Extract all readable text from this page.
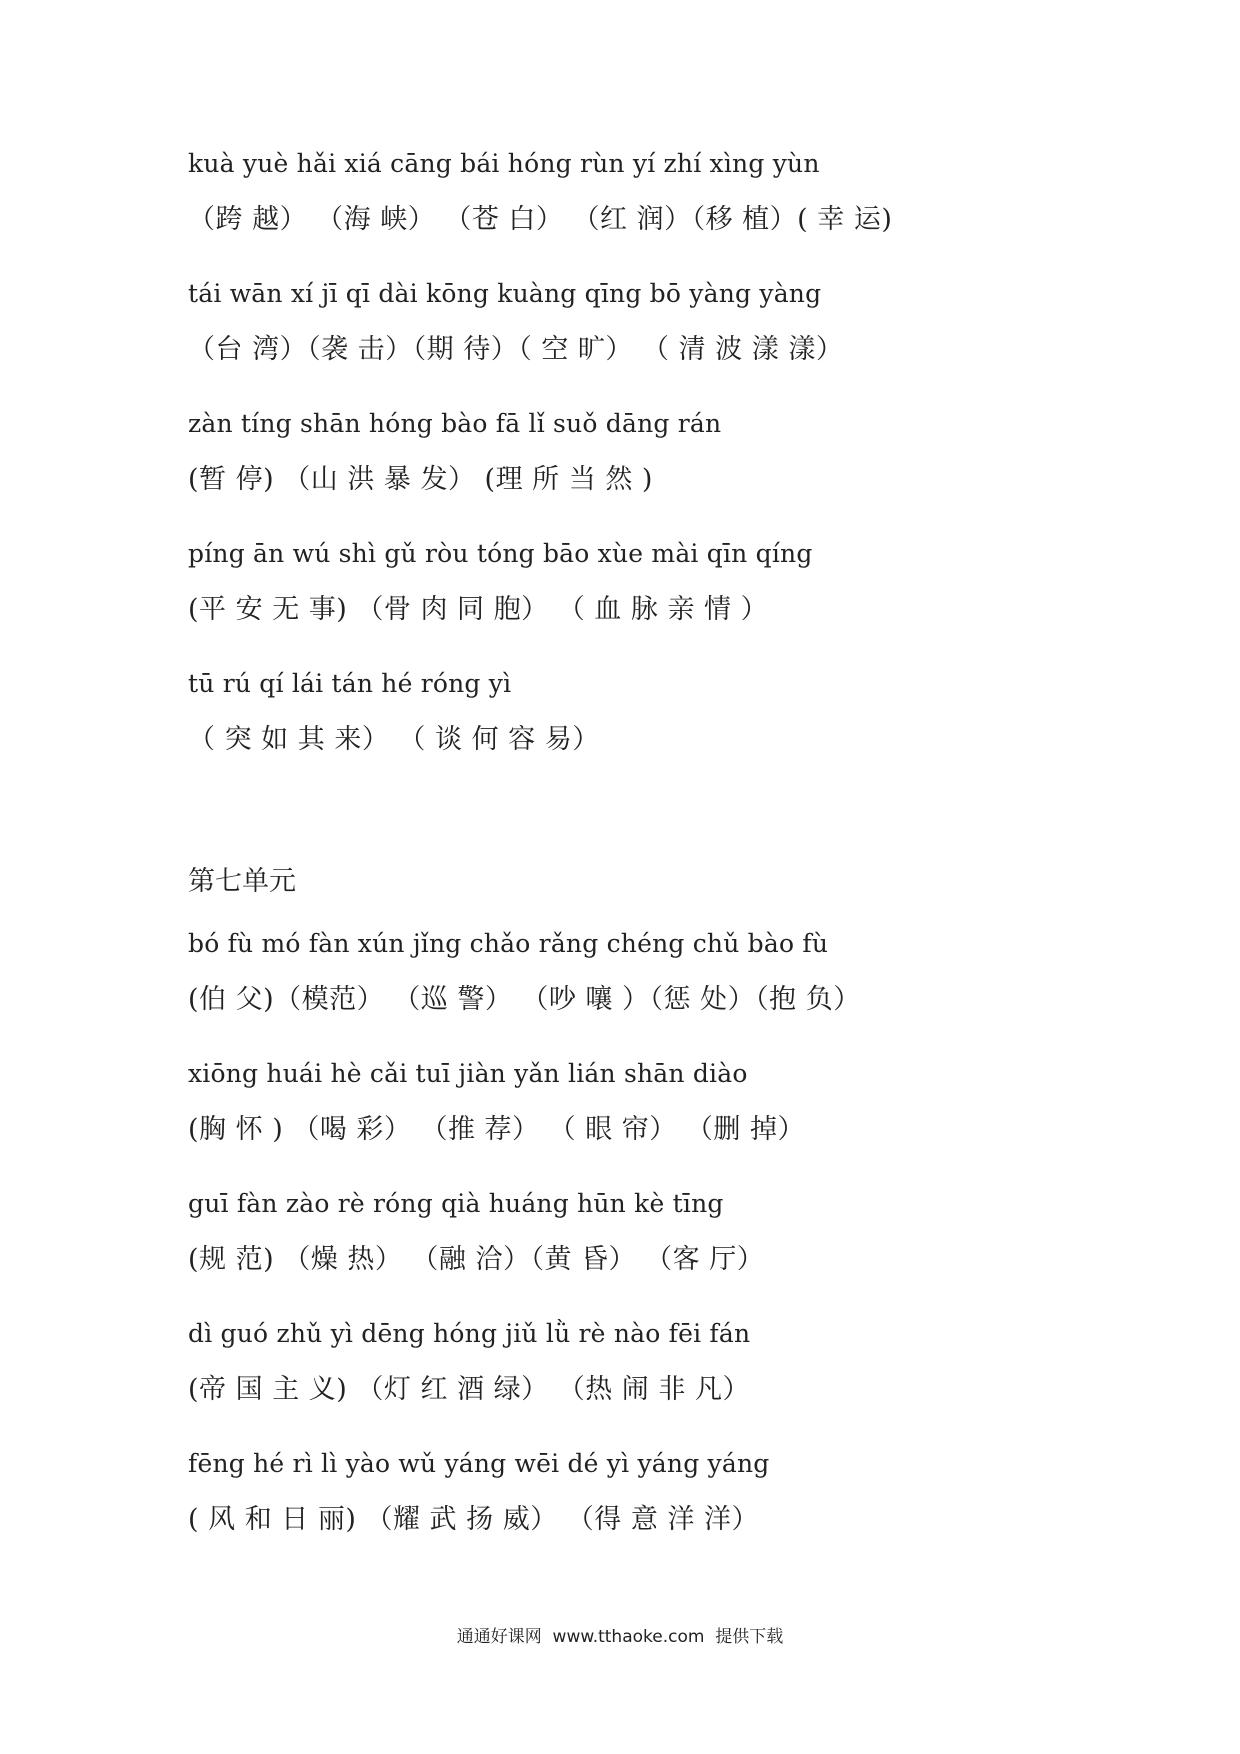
kuà yuè hǎi xiá cāng bái hóng rùn yí zhí xìng yùn
（跨 越） （海 峡） （苍 白） （红 润）（移 植）( 幸 运)
tái wān xí jī qī dài kōng kuàng qīng bō yàng yàng
（台 湾）（袭 击）（期 待）（ 空 旷） （ 清 波 漾 漾）
zàn tíng shān hóng bào fā lǐ suǒ dāng rán
(暂 停) （山 洪 暴 发） (理 所 当 然 )
píng ān wú shì gǔ ròu tóng bāo xùe mài qīn qíng
(平 安 无 事) （骨 肉 同 胞） （ 血 脉 亲 情 ）
tū rú qí lái tán hé róng yì
（ 突 如 其 来） （ 谈 何 容 易）
第七单元
bó fù mó fàn xún jǐng chǎo rǎng chéng chǔ bào fù
(伯 父)（模范） （巡 警） （吵 嚷 ）（惩 处）（抱 负）
xiōng huái hè cǎi tuī jiàn yǎn lián shān diào
(胸 怀 ) （喝 彩） （推 荐） （ 眼 帘） （删 掉）
guī fàn zào rè róng qià huáng hūn kè tīng
(规 范) （燥 热） （融 洽）（黄 昏） （客 厅）
dì guó zhǔ yì dēng hóng jiǔ lǜ rè nào fēi fán
(帝 国 主 义) （灯 红 酒 绿） （热 闹 非 凡）
fēng hé rì lì yào wǔ yáng wēi dé yì yáng yáng
( 风 和 日 丽) （耀 武 扬 威） （得 意 洋 洋）
通通好课网  www.tthaoke.com  提供下载
